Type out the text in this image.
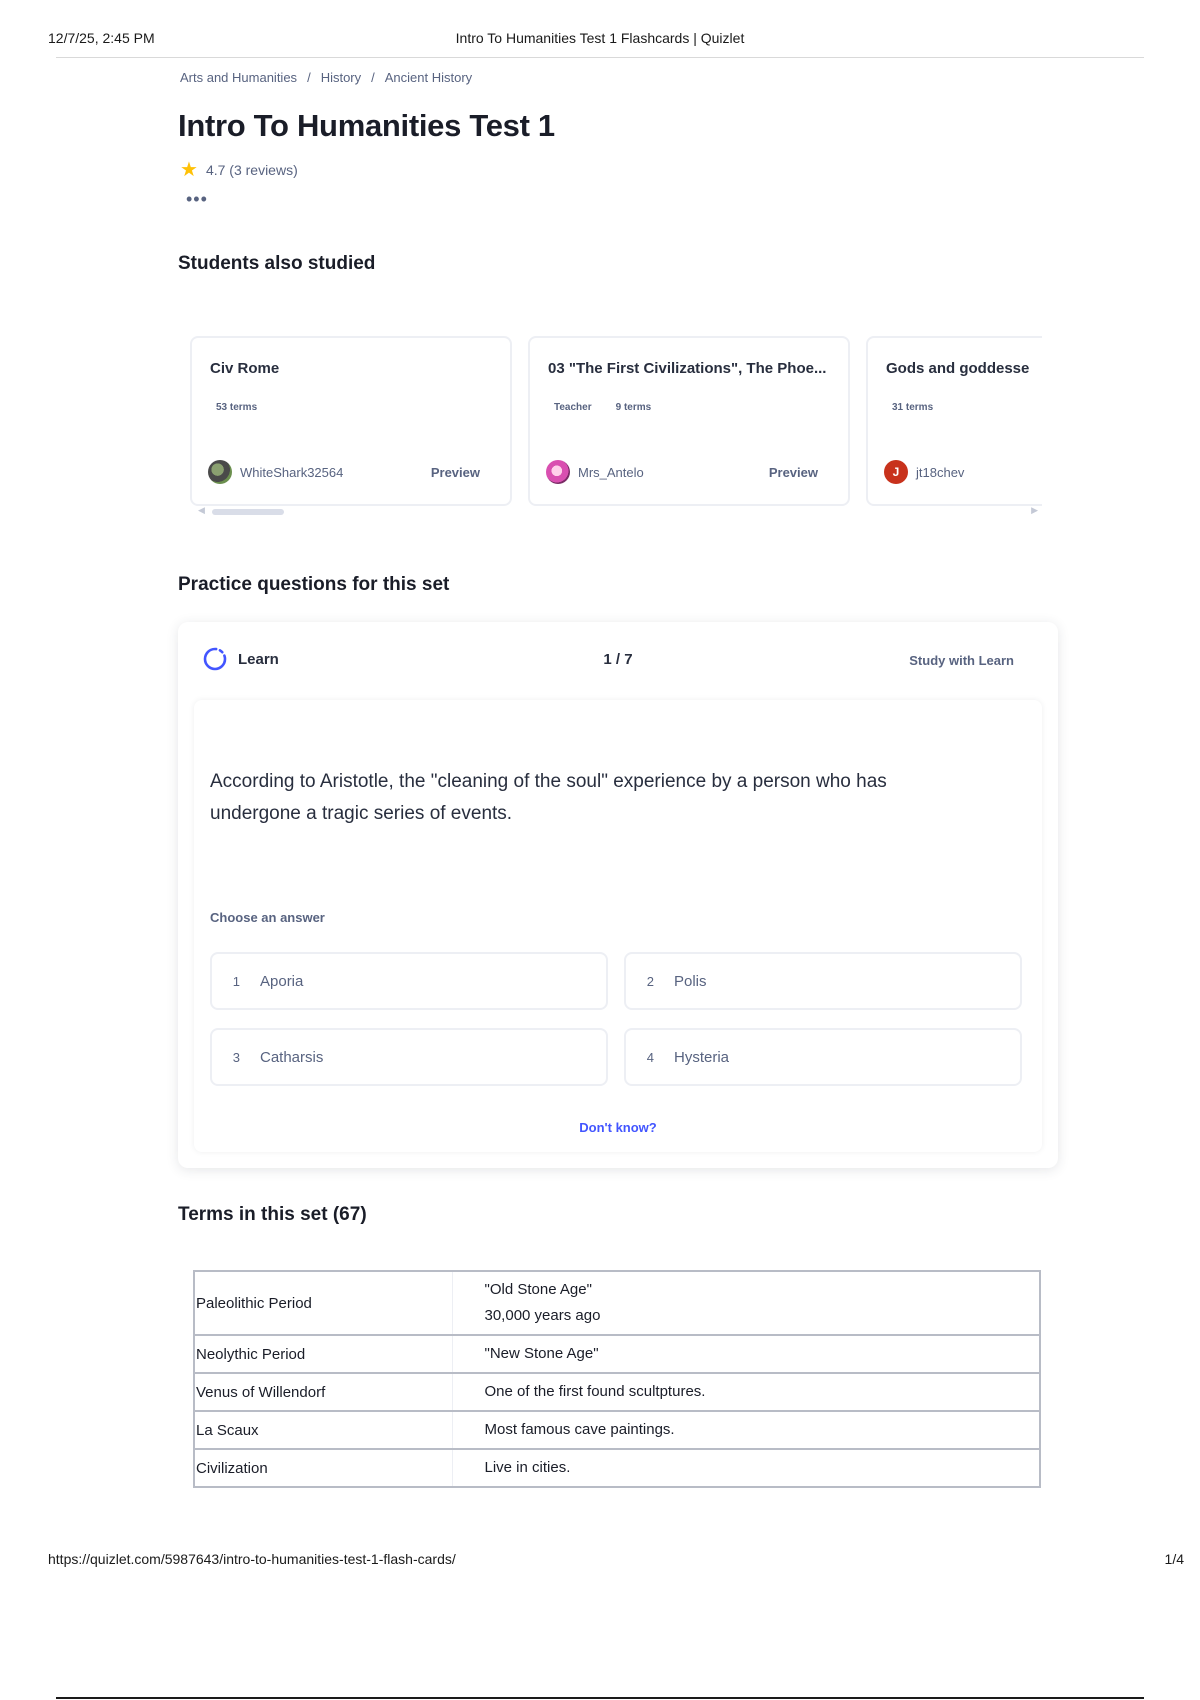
12/7/25, 2:45 PM	Intro To Humanities Test 1 Flashcards | Quizlet
Arts and Humanities / History / Ancient History
Intro To Humanities Test 1
★ 4.7 (3 reviews)
•••
Students also studied
Civ Rome
53 terms
WhiteShark32564	Preview
03 "The First Civilizations", The Phoe...
Teacher 9 terms
Mrs_Antelo	Preview
Gods and goddesse
31 terms
J	jt18chev
◀	▶
Practice questions for this set
Learn	1 / 7	Study with Learn
According to Aristotle, the "cleaning of the soul" experience by a person who has undergone a tragic series of events.
Choose an answer
1	Aporia	2	Polis
3	Catharsis	4	Hysteria
Don't know?
Terms in this set (67)
Paleolithic Period	"Old Stone Age"
30,000 years ago

Neolythic Period	"New Stone Age"
Venus of Willendorf	One of the first found scultptures.
La Scaux	Most famous cave paintings.
Civilization	Live in cities.
https://quizlet.com/5987643/intro-to-humanities-test-1-flash-cards/	1/4
